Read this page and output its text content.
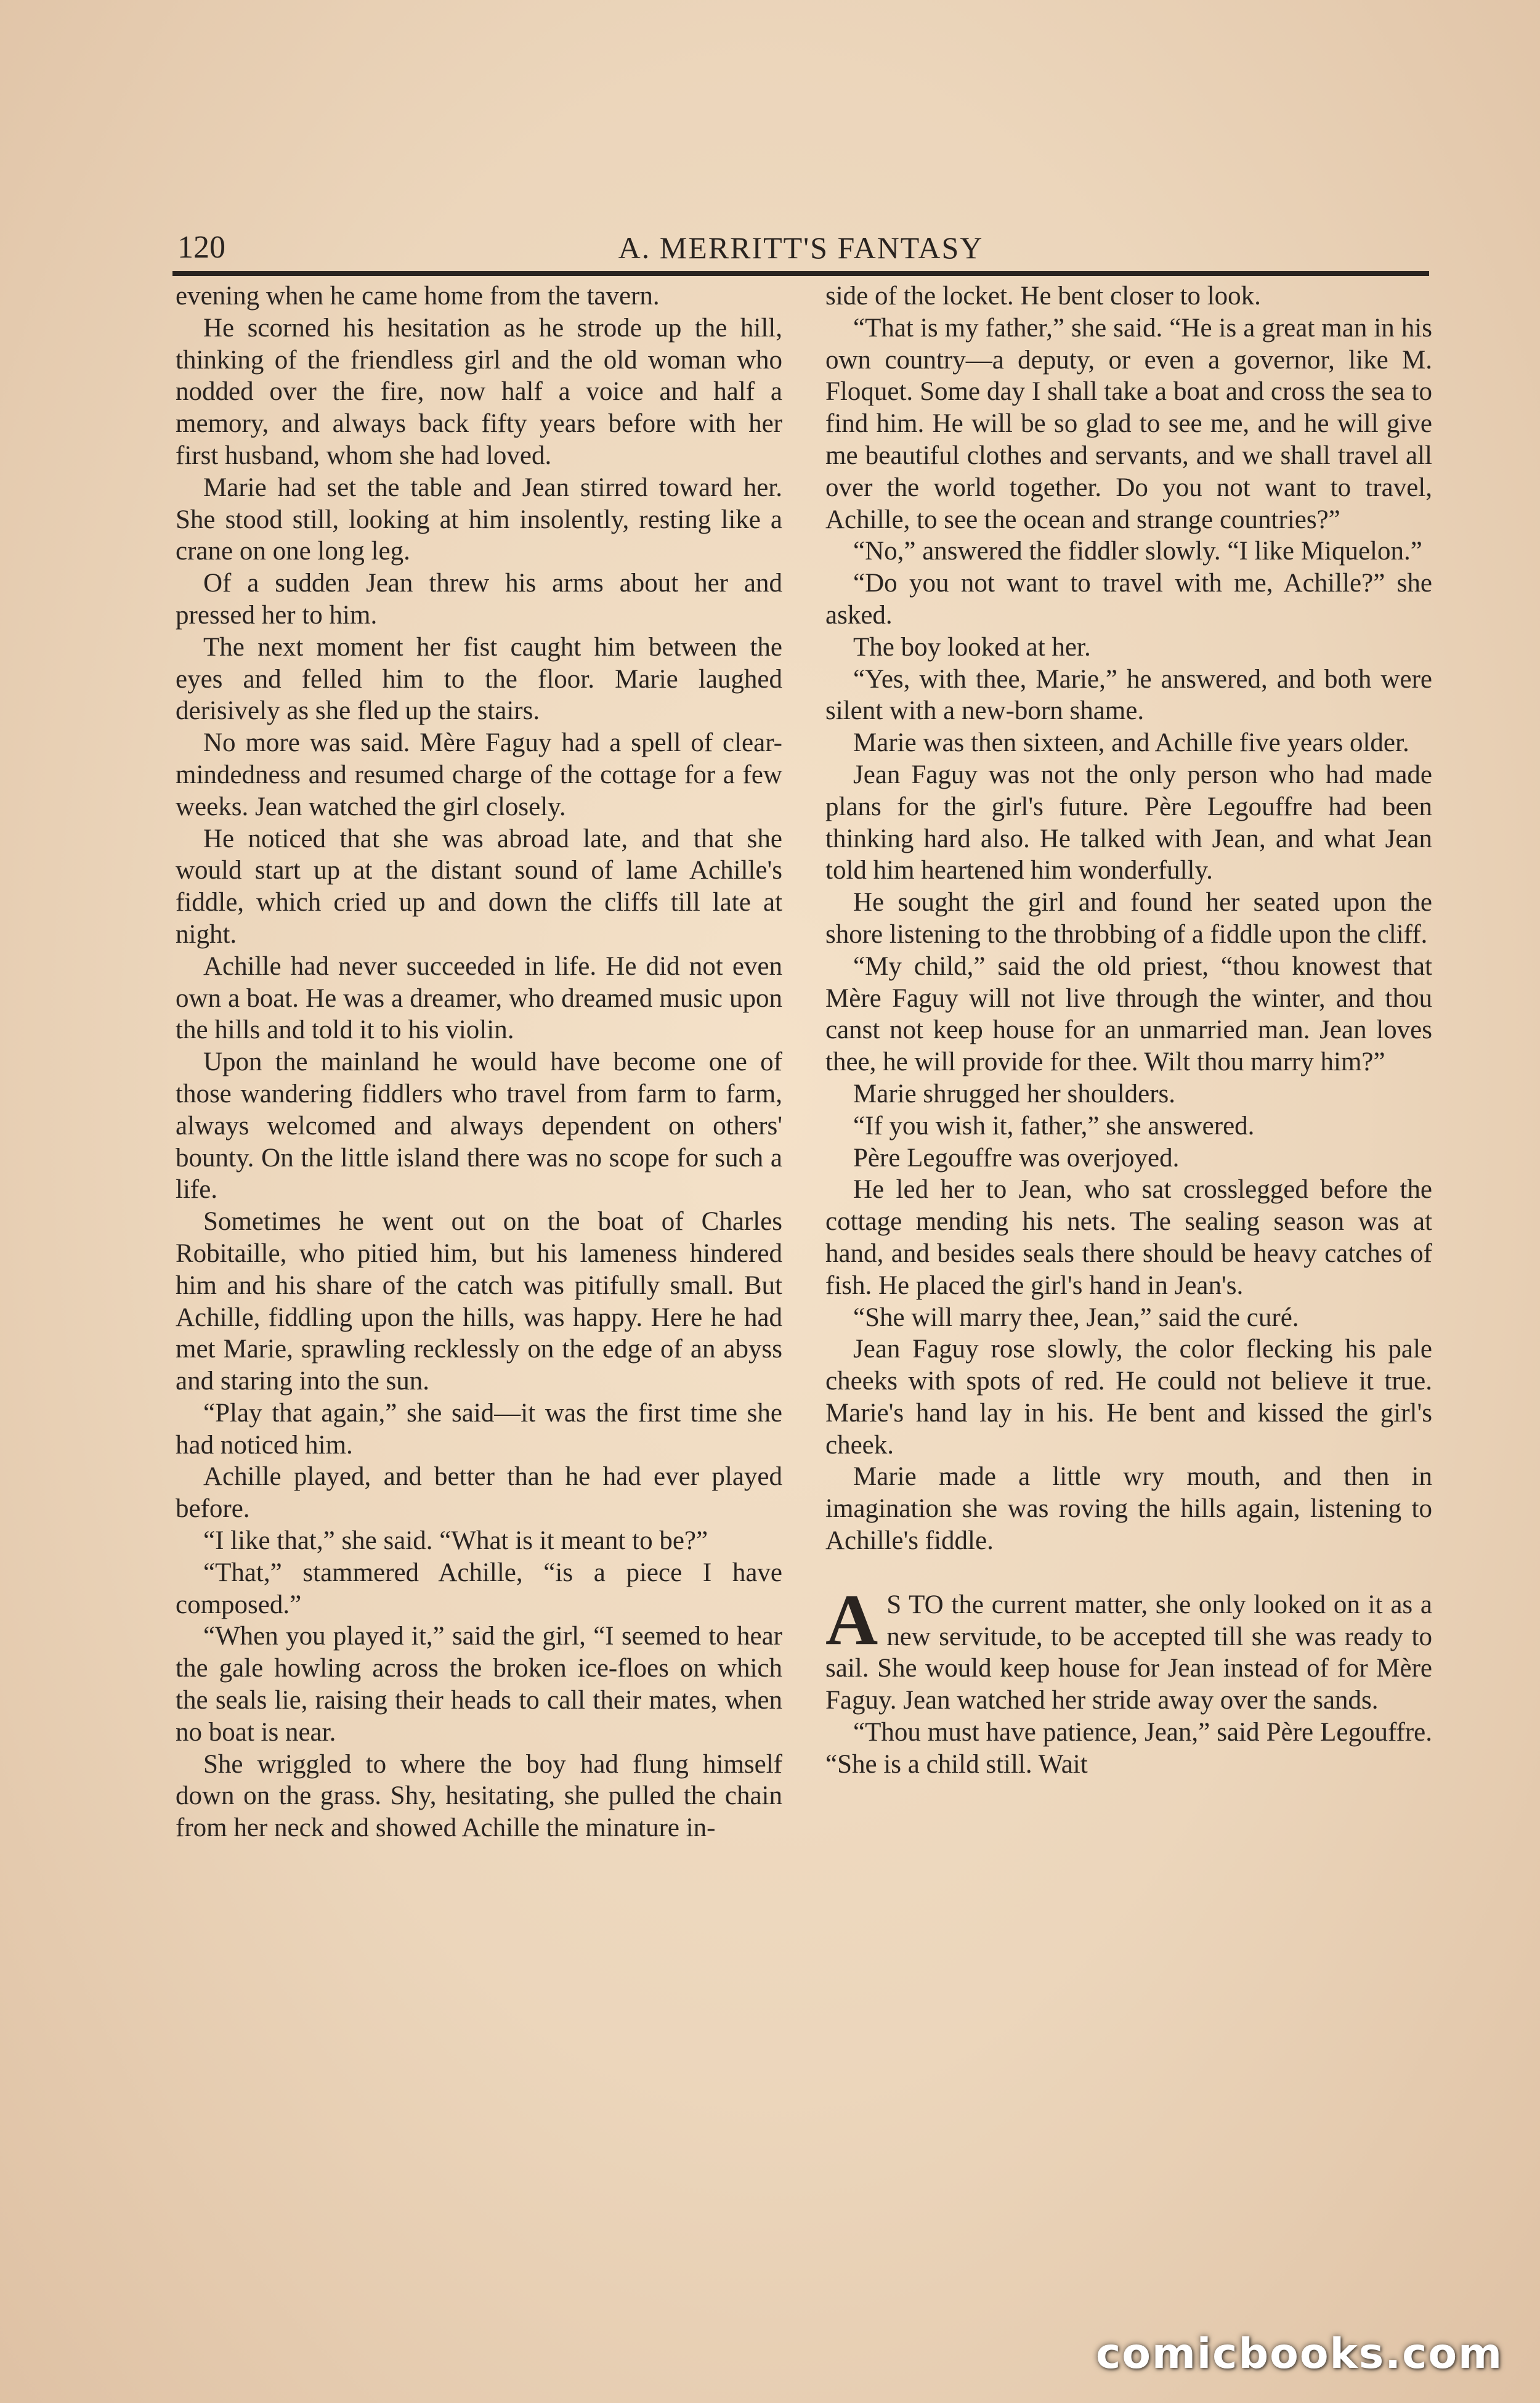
120	A. MERRITT'S FANTASY

evening when he came home from the tavern.

He scorned his hesitation as he strode up the hill, thinking of the friendless girl and the old woman who nodded over the fire, now half a voice and half a memory, and always back fifty years before with her first husband, whom she had loved.

Marie had set the table and Jean stirred toward her. She stood still, looking at him insolently, resting like a crane on one long leg.

Of a sudden Jean threw his arms about her and pressed her to him.

The next moment her fist caught him between the eyes and felled him to the floor. Marie laughed derisively as she fled up the stairs.

No more was said. Mère Faguy had a spell of clear-mindedness and resumed charge of the cottage for a few weeks. Jean watched the girl closely.

He noticed that she was abroad late, and that she would start up at the distant sound of lame Achille's fiddle, which cried up and down the cliffs till late at night.

Achille had never succeeded in life. He did not even own a boat. He was a dreamer, who dreamed music upon the hills and told it to his violin.

Upon the mainland he would have become one of those wandering fiddlers who travel from farm to farm, always welcomed and always dependent on others' bounty. On the little island there was no scope for such a life.

Sometimes he went out on the boat of Charles Robitaille, who pitied him, but his lameness hindered him and his share of the catch was pitifully small. But Achille, fiddling upon the hills, was happy. Here he had met Marie, sprawling recklessly on the edge of an abyss and staring into the sun.

“Play that again,” she said—it was the first time she had noticed him.

Achille played, and better than he had ever played before.

“I like that,” she said. “What is it meant to be?”

“That,” stammered Achille, “is a piece I have composed.”

“When you played it,” said the girl, “I seemed to hear the gale howling across the broken ice-floes on which the seals lie, raising their heads to call their mates, when no boat is near.

She wriggled to where the boy had flung himself down on the grass. Shy, hesitating, she pulled the chain from her neck and showed Achille the minature in-

side of the locket. He bent closer to look.

“That is my father,” she said. “He is a great man in his own country—a deputy, or even a governor, like M. Floquet. Some day I shall take a boat and cross the sea to find him. He will be so glad to see me, and he will give me beautiful clothes and servants, and we shall travel all over the world together. Do you not want to travel, Achille, to see the ocean and strange countries?”

“No,” answered the fiddler slowly. “I like Miquelon.”

“Do you not want to travel with me, Achille?” she asked.

The boy looked at her.

“Yes, with thee, Marie,” he answered, and both were silent with a new-born shame.

Marie was then sixteen, and Achille five years older.

Jean Faguy was not the only person who had made plans for the girl's future. Père Legouffre had been thinking hard also. He talked with Jean, and what Jean told him heartened him wonderfully.

He sought the girl and found her seated upon the shore listening to the throbbing of a fiddle upon the cliff.

“My child,” said the old priest, “thou knowest that Mère Faguy will not live through the winter, and thou canst not keep house for an unmarried man. Jean loves thee, he will provide for thee. Wilt thou marry him?”

Marie shrugged her shoulders.

“If you wish it, father,” she answered.

Père Legouffre was overjoyed.

He led her to Jean, who sat crosslegged before the cottage mending his nets. The sealing season was at hand, and besides seals there should be heavy catches of fish. He placed the girl's hand in Jean's.

“She will marry thee, Jean,” said the curé.

Jean Faguy rose slowly, the color flecking his pale cheeks with spots of red. He could not believe it true. Marie's hand lay in his. He bent and kissed the girl's cheek.

Marie made a little wry mouth, and then in imagination she was roving the hills again, listening to Achille's fiddle.

A S TO the current matter, she only looked on it as a new servitude, to be accepted till she was ready to sail. She would keep house for Jean instead of for Mère Faguy. Jean watched her stride away over the sands.

“Thou must have patience, Jean,” said Père Legouffre. “She is a child still. Wait

comicbooks.com
